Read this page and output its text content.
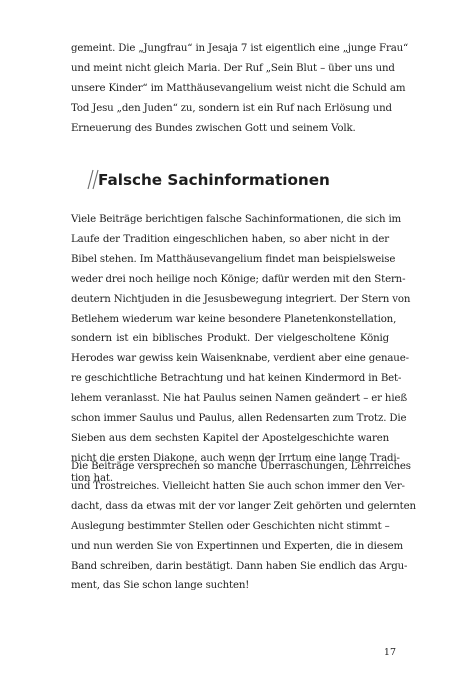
gemeint. Die „Jungfrau“ in Jesaja 7 ist eigentlich eine „junge Frau“
und meint nicht gleich Maria. Der Ruf „Sein Blut – über uns und
unsere Kinder“ im Matthäusevangelium weist nicht die Schuld am
Tod Jesu „den Juden“ zu, sondern ist ein Ruf nach Erlösung und
Erneuerung des Bundes zwischen Gott und seinem Volk.

Falsche Sachinformationen

Viele Beiträge berichtigen falsche Sachinformationen, die sich im
Laufe der Tradition eingeschlichen haben, so aber nicht in der
Bibel stehen. Im Matthäusevangelium findet man beispielsweise
weder drei noch heilige noch Könige; dafür werden mit den Stern-
deutern Nichtjuden in die Jesusbewegung integriert. Der Stern von
Betlehem wiederum war keine besondere Planetenkonstellation,
sondern ist ein biblisches Produkt. Der vielgescholtene König
Herodes war gewiss kein Waisenknabe, verdient aber eine genaue-
re geschichtliche Betrachtung und hat keinen Kindermord in Bet-
lehem veranlasst. Nie hat Paulus seinen Namen geändert – er hieß
schon immer Saulus und Paulus, allen Redensarten zum Trotz. Die
Sieben aus dem sechsten Kapitel der Apostelgeschichte waren
nicht die ersten Diakone, auch wenn der Irrtum eine lange Tradi-
tion hat.

Die Beiträge versprechen so manche Überraschungen, Lehrreiches
und Trostreiches. Vielleicht hatten Sie auch schon immer den Ver-
dacht, dass da etwas mit der vor langer Zeit gehörten und gelernten
Auslegung bestimmter Stellen oder Geschichten nicht stimmt –
und nun werden Sie von Expertinnen und Experten, die in diesem
Band schreiben, darin bestätigt. Dann haben Sie endlich das Argu-
ment, das Sie schon lange suchten!

17
